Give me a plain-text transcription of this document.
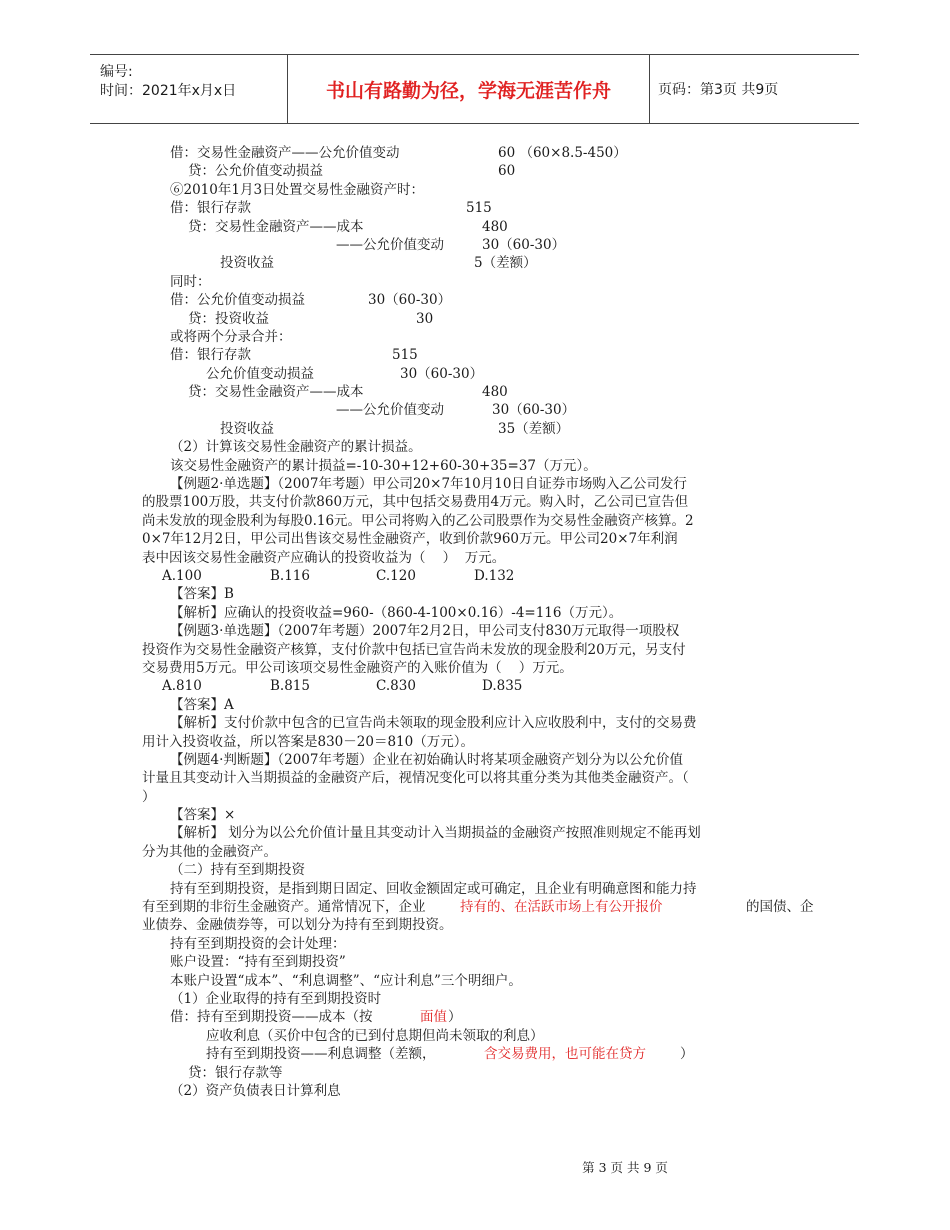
编号:
时间：2021年x月x日	书山有路勤为径，学海无涯苦作舟	页码：第3页 共9页
借：交易性金融资产——公允价值变动	60 （60×8.5-450）
贷：公允价值变动损益	60
⑥2010年1月3日处置交易性金融资产时：
借：银行存款	515
贷：交易性金融资产——成本	480
——公允价值变动	30（60-30）
投资收益	5（差额）
同时：
借：公允价值变动损益	30（60-30）
贷：投资收益	30
或将两个分录合并：
借：银行存款	515
公允价值变动损益	30（60-30）
贷：交易性金融资产——成本	480
——公允价值变动	30（60-30）
投资收益	35（差额）
（2）计算该交易性金融资产的累计损益。
该交易性金融资产的累计损益=-10-30+12+60-30+35=37（万元）。
【例题2·单选题】（2007年考题）甲公司20×7年10月10日自证券市场购入乙公司发行
的股票100万股，共支付价款860万元，其中包括交易费用4万元。购入时，乙公司已宣告但
尚未发放的现金股利为每股0.16元。甲公司将购入的乙公司股票作为交易性金融资产核算。2
0×7年12月2日，甲公司出售该交易性金融资产，收到价款960万元。甲公司20×7年利润
表中因该交易性金融资产应确认的投资收益为（    ）  万元。
A.100	B.116	C.120	D.132
【答案】B
【解析】应确认的投资收益=960-（860-4-100×0.16）-4=116（万元）。
【例题3·单选题】（2007年考题）2007年2月2日，甲公司支付830万元取得一项股权
投资作为交易性金融资产核算，支付价款中包括已宣告尚未发放的现金股利20万元，另支付
交易费用5万元。甲公司该项交易性金融资产的入账价值为（    ）万元。
A.810	B.815	C.830	D.835
【答案】A
【解析】支付价款中包含的已宣告尚未领取的现金股利应计入应收股利中，支付的交易费
用计入投资收益，所以答案是830－20＝810（万元）。
【例题4·判断题】（2007年考题）企业在初始确认时将某项金融资产划分为以公允价值
计量且其变动计入当期损益的金融资产后，视情况变化可以将其重分类为其他类金融资产。（
）
【答案】×
【解析】 划分为以公允价值计量且其变动计入当期损益的金融资产按照准则规定不能再划
分为其他的金融资产。
（二）持有至到期投资
持有至到期投资，是指到期日固定、回收金额固定或可确定，且企业有明确意图和能力持
有至到期的非衍生金融资产。通常情况下，企业	持有的、在活跃市场上有公开报价	的国债、企
业债券、金融债券等，可以划分为持有至到期投资。
持有至到期投资的会计处理：
账户设置：“持有至到期投资”
本账户设置“成本”、“利息调整”、“应计利息”三个明细户。
（1）企业取得的持有至到期投资时
借：持有至到期投资——成本（按	面值 ）
应收利息（买价中包含的已到付息期但尚未领取的利息）
持有至到期投资——利息调整（差额，	含交易费用，也可能在贷方	）
贷：银行存款等
（2）资产负债表日计算利息
第 3 页 共 9 页
